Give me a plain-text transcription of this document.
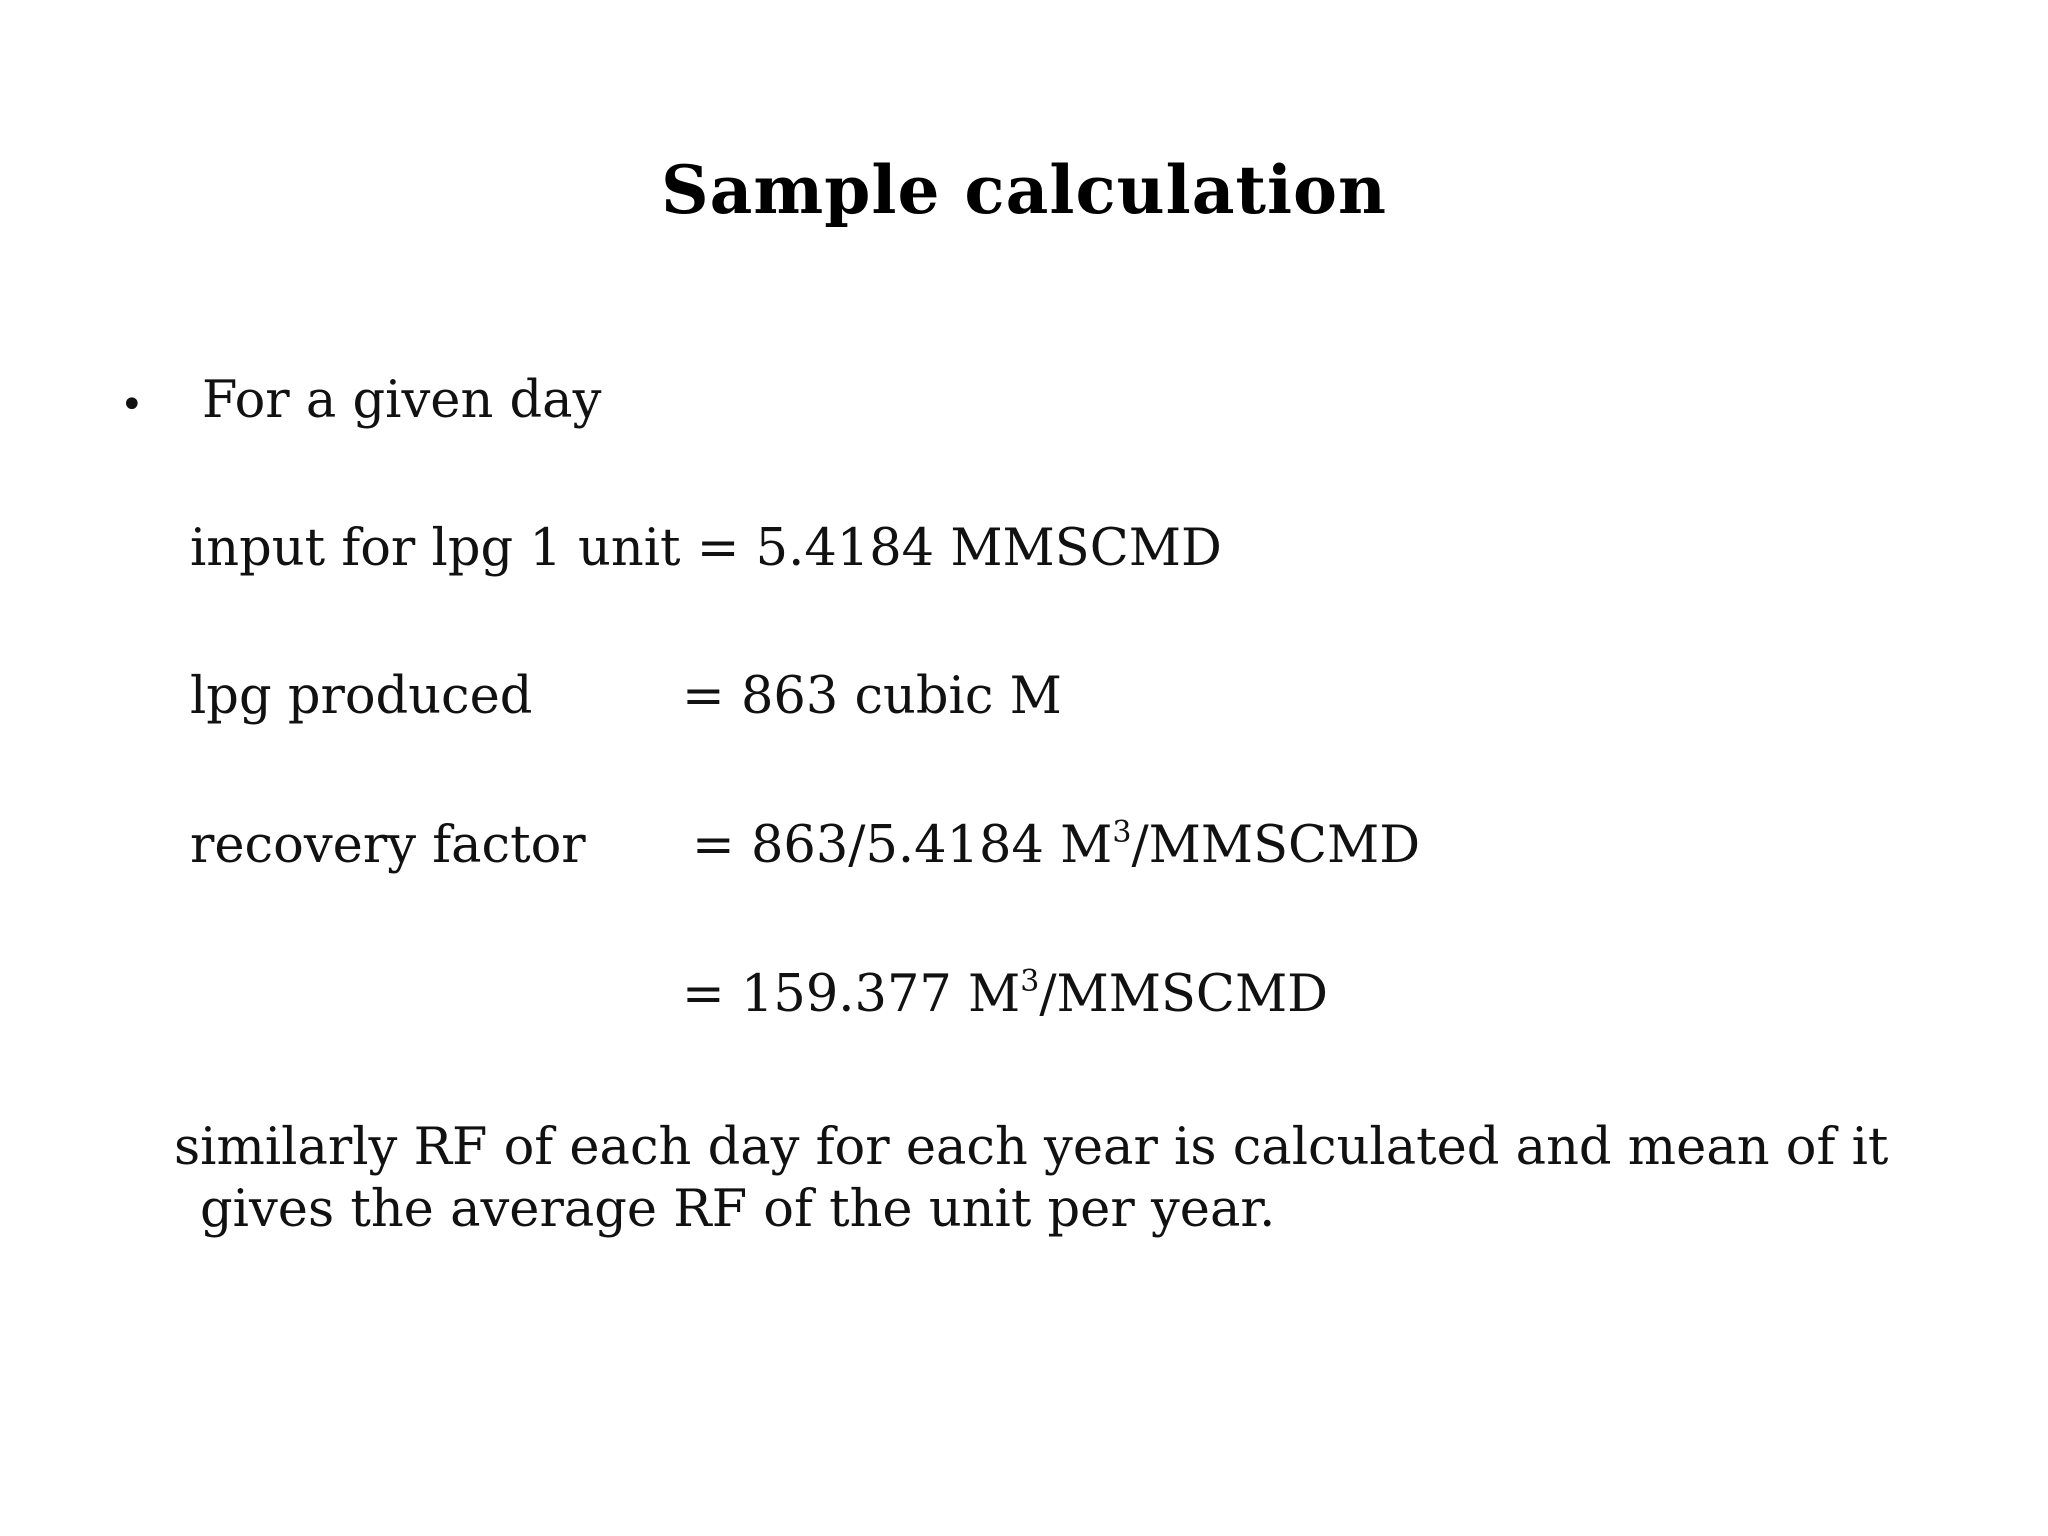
Sample calculation
• For a given day
input for lpg 1 unit = 5.4184 MMSCMD
lpg produced	= 863 cubic M
recovery factor = 863/5.4184 $M^3$/MMSCMD
= 159.377 $M^3$/MMSCMD
similarly RF of each day for each year is calculated and mean of it
gives the average RF of the unit per year.
